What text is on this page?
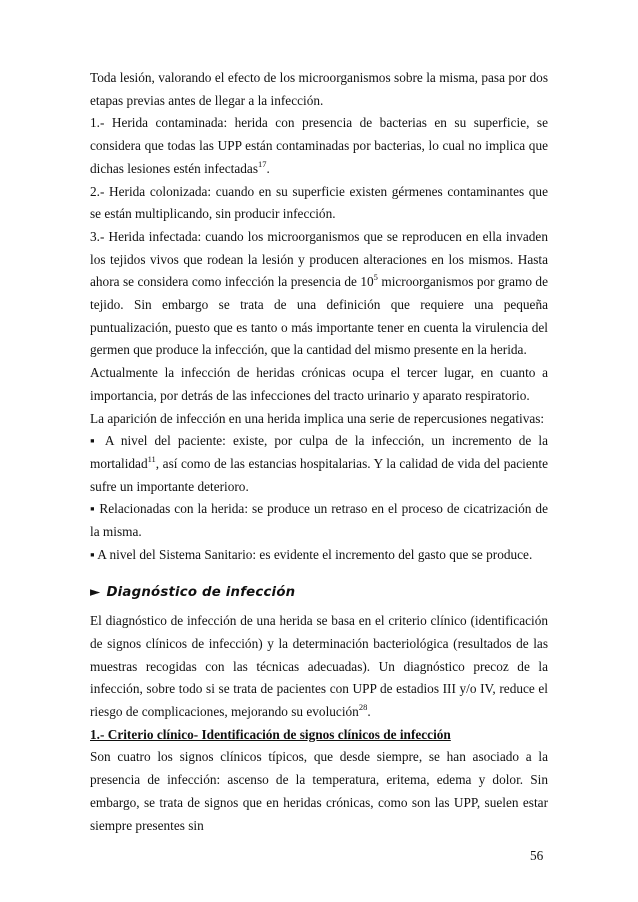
Toda lesión, valorando el efecto de los microorganismos sobre la misma, pasa por dos etapas previas antes de llegar a la infección.

1.- Herida contaminada: herida con presencia de bacterias en su superficie, se considera que todas las UPP están contaminadas por bacterias, lo cual no implica que dichas lesiones estén infectadas$^{17}$.

2.- Herida colonizada: cuando en su superficie existen gérmenes contaminantes que se están multiplicando, sin producir infección.

3.- Herida infectada: cuando los microorganismos que se reproducen en ella invaden los tejidos vivos que rodean la lesión y producen alteraciones en los mismos. Hasta ahora se considera como infección la presencia de $10^5$ microorganismos por gramo de tejido. Sin embargo se trata de una definición que requiere una pequeña puntualización, puesto que es tanto o más importante tener en cuenta la virulencia del germen que produce la infección, que la cantidad del mismo presente en la herida.

Actualmente la infección de heridas crónicas ocupa el tercer lugar, en cuanto a importancia, por detrás de las infecciones del tracto urinario y aparato respiratorio.

La aparición de infección en una herida implica una serie de repercusiones negativas:

▪ A nivel del paciente: existe, por culpa de la infección, un incremento de la mortalidad$^{11}$, así como de las estancias hospitalarias. Y la calidad de vida del paciente sufre un importante deterioro.

▪ Relacionadas con la herida: se produce un retraso en el proceso de cicatrización de la misma.

▪ A nivel del Sistema Sanitario: es evidente el incremento del gasto que se produce.

► Diagnóstico de infección

El diagnóstico de infección de una herida se basa en el criterio clínico (identificación de signos clínicos de infección) y la determinación bacteriológica (resultados de las muestras recogidas con las técnicas adecuadas). Un diagnóstico precoz de la infección, sobre todo si se trata de pacientes con UPP de estadios III y/o IV, reduce el riesgo de complicaciones, mejorando su evolución$^{28}$.

1.- Criterio clínico- Identificación de signos clínicos de infección

Son cuatro los signos clínicos típicos, que desde siempre, se han asociado a la presencia de infección: ascenso de la temperatura, eritema, edema y dolor. Sin embargo, se trata de signos que en heridas crónicas, como son las UPP, suelen estar siempre presentes sin

56
